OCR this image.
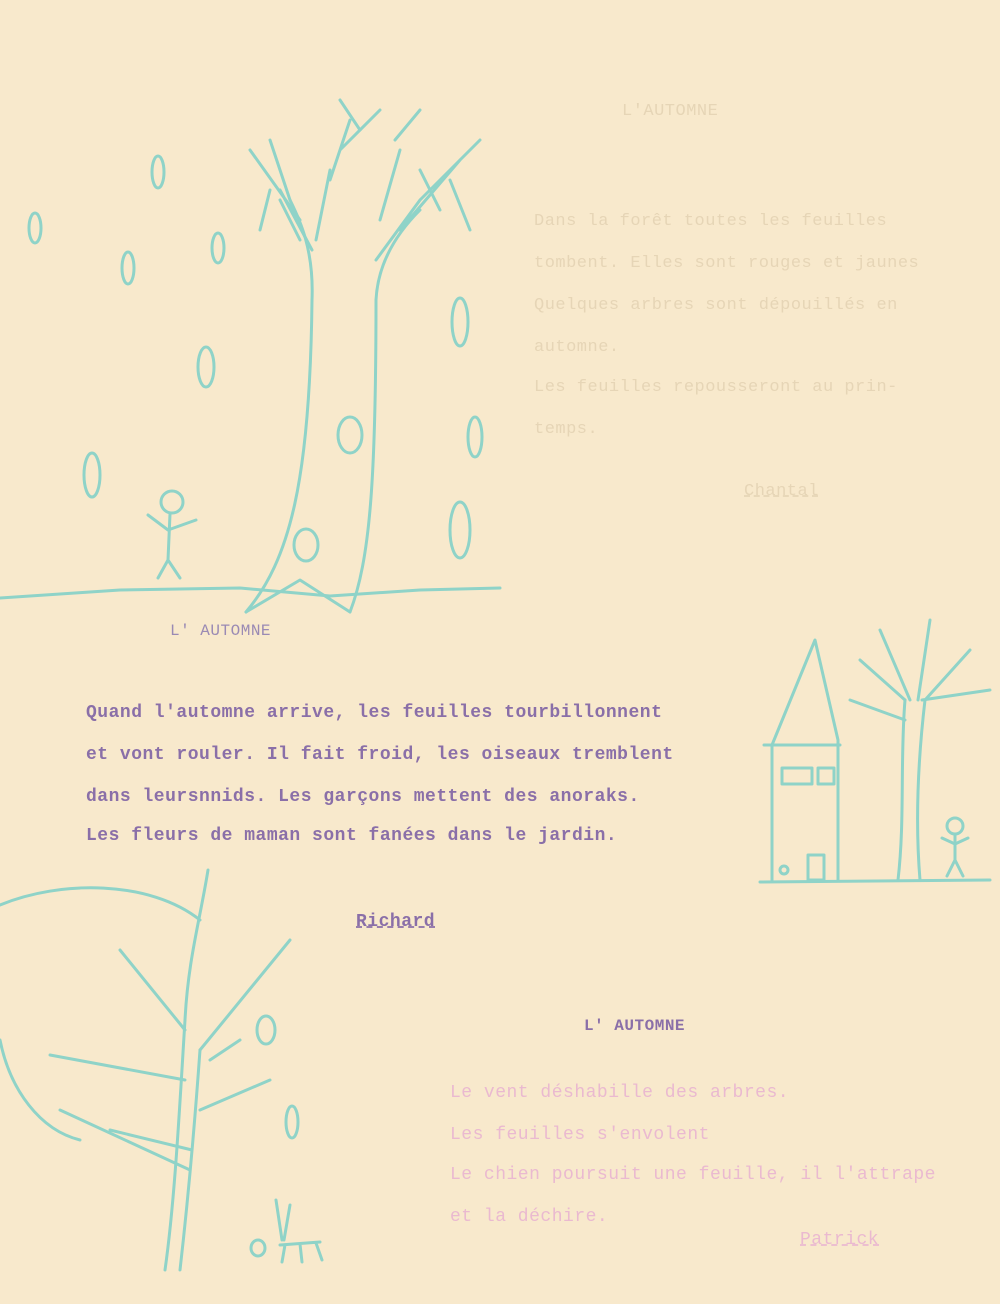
L'AUTOMNE
Dans la forêt toutes les feuilles
tombent. Elles sont rouges et jaunes
Quelques arbres sont dépouillés en
automne.
Les feuilles repousseront au prin-
temps.
Chantal
L' AUTOMNE
Quand l'automne arrive, les feuilles tourbillonnent
et vont rouler. Il fait froid, les oiseaux tremblent
dans leursnnids. Les garçons mettent des anoraks.
Les fleurs de maman sont fanées dans le jardin.
Richard
L' AUTOMNE
Le vent déshabille des arbres.
Les feuilles s'envolent
Le chien poursuit une feuille, il l'attrape
et la déchire.
Patrick
